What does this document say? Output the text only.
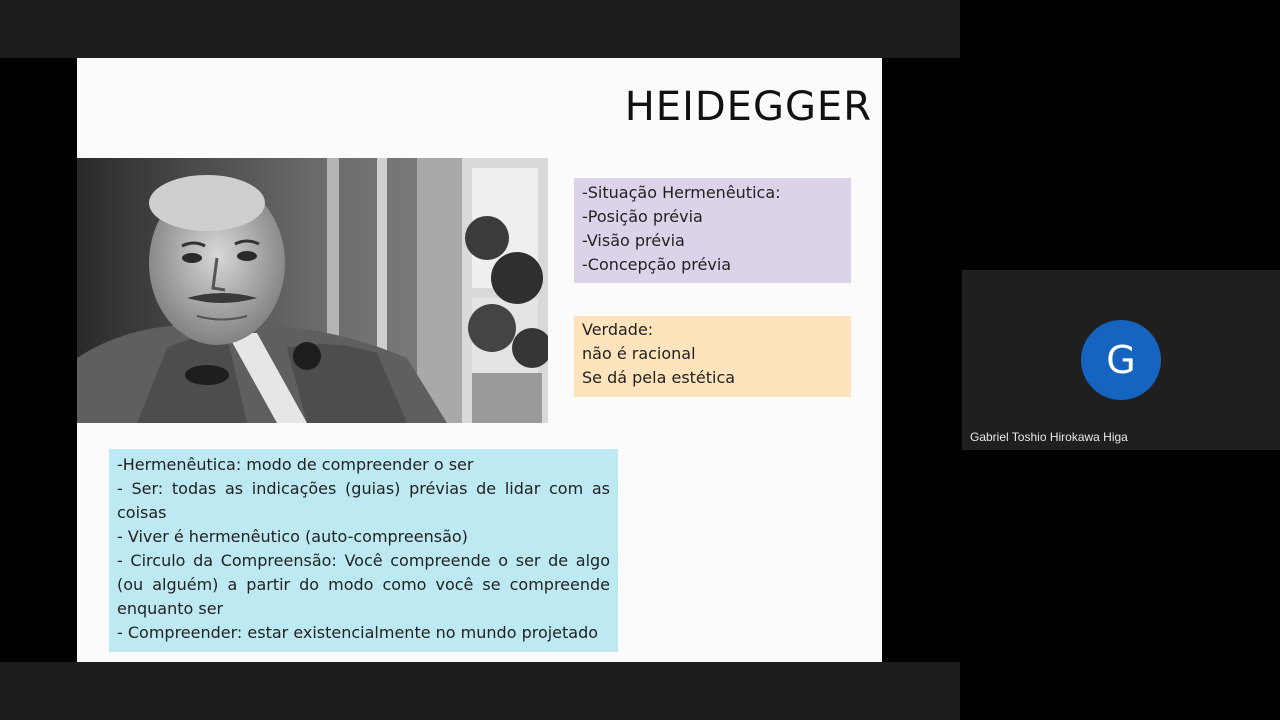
HEIDEGGER
-Situação Hermenêutica:
-Posição prévia
-Visão prévia
-Concepção prévia
Verdade:
não é racional
Se dá pela estética
-Hermenêutica: modo de compreender o ser
- Ser: todas as indicações (guias) prévias de lidar com as coisas
- Viver é hermenêutico (auto-compreensão)
- Circulo da Compreensão: Você compreende o ser de algo (ou alguém) a partir do modo como você se compreende enquanto ser
- Compreender: estar existencialmente no mundo projetado
G
Gabriel Toshio Hirokawa Higa
